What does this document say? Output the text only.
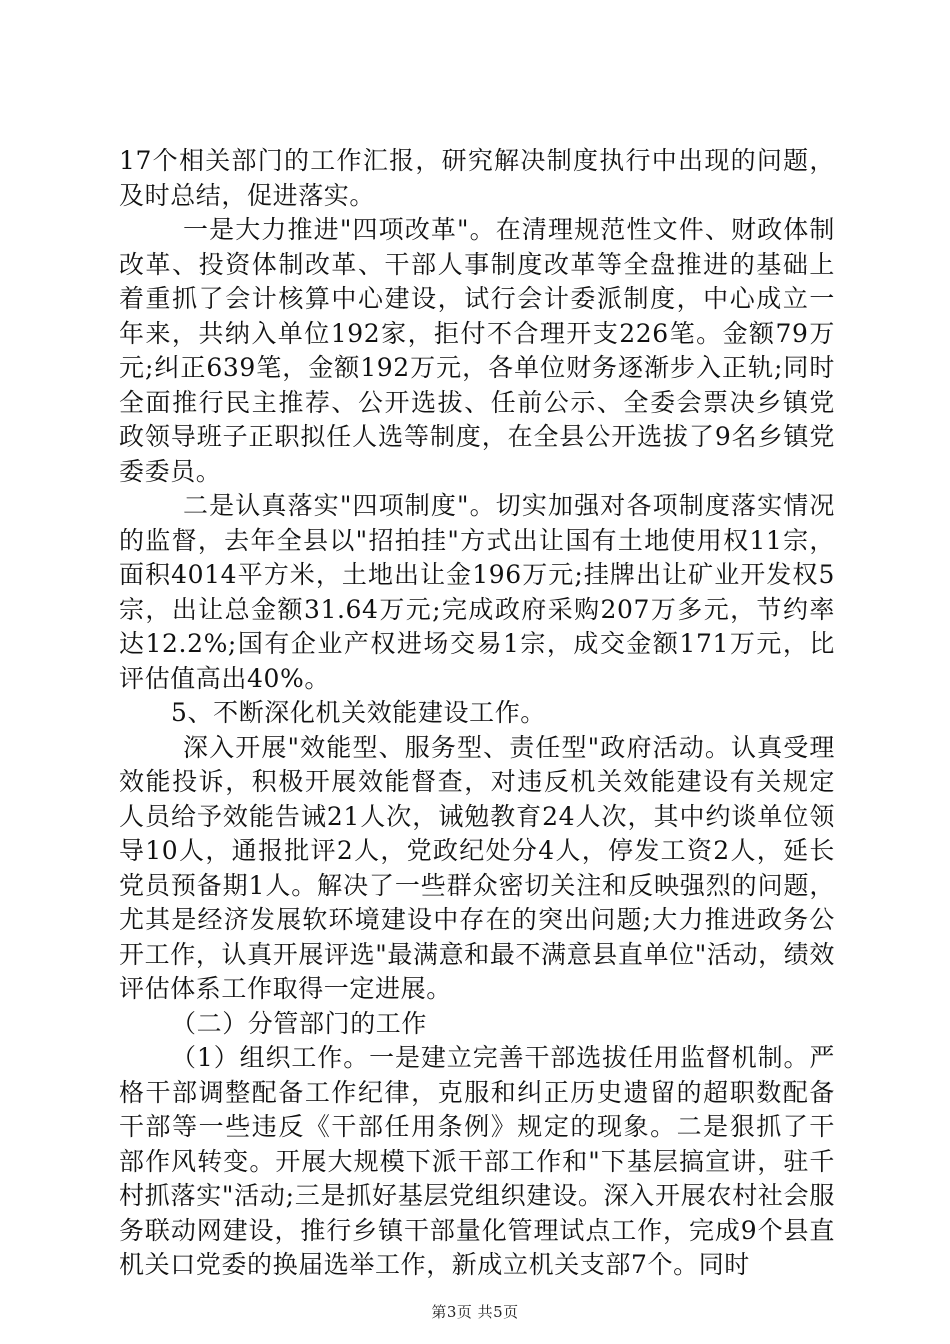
17个相关部门的工作汇报，研究解决制度执行中出现的问题，及时总结，促进落实。

一是大力推进"四项改革"。在清理规范性文件、财政体制改革、投资体制改革、干部人事制度改革等全盘推进的基础上着重抓了会计核算中心建设，试行会计委派制度，中心成立一年来，共纳入单位192家，拒付不合理开支226笔。金额79万元;纠正639笔，金额192万元，各单位财务逐渐步入正轨;同时全面推行民主推荐、公开选拔、任前公示、全委会票决乡镇党政领导班子正职拟任人选等制度，在全县公开选拔了9名乡镇党委委员。

二是认真落实"四项制度"。切实加强对各项制度落实情况的监督，去年全县以"招拍挂"方式出让国有土地使用权11宗，面积4014平方米，土地出让金196万元;挂牌出让矿业开发权5宗，出让总金额31.64万元;完成政府采购207万多元，节约率达12.2%;国有企业产权进场交易1宗，成交金额171万元，比评估值高出40%。

5、不断深化机关效能建设工作。

深入开展"效能型、服务型、责任型"政府活动。认真受理效能投诉，积极开展效能督查，对违反机关效能建设有关规定人员给予效能告诫21人次，诫勉教育24人次，其中约谈单位领导10人，通报批评2人，党政纪处分4人，停发工资2人，延长党员预备期1人。解决了一些群众密切关注和反映强烈的问题，尤其是经济发展软环境建设中存在的突出问题;大力推进政务公开工作，认真开展评选"最满意和最不满意县直单位"活动，绩效评估体系工作取得一定进展。

（二）分管部门的工作

（1）组织工作。一是建立完善干部选拔任用监督机制。严格干部调整配备工作纪律，克服和纠正历史遗留的超职数配备干部等一些违反《干部任用条例》规定的现象。二是狠抓了干部作风转变。开展大规模下派干部工作和"下基层搞宣讲，驻千村抓落实"活动;三是抓好基层党组织建设。深入开展农村社会服务联动网建设，推行乡镇干部量化管理试点工作，完成9个县直机关口党委的换届选举工作，新成立机关支部7个。同时

第3页 共5页
